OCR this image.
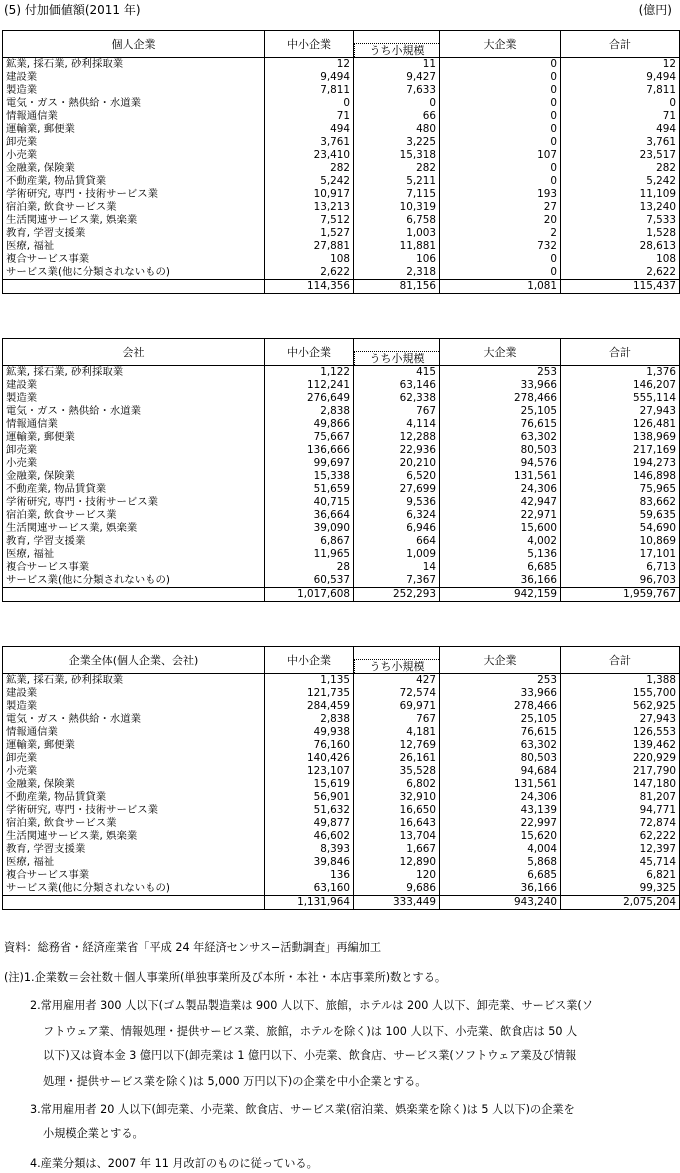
(5) 付加価値額(2011 年)	(億円)
個人企業	中小企業	うち小規模	大企業	合計
鉱業, 採石業, 砂利採取業	12	11	0	12
建設業	9,494	9,427	0	9,494
製造業	7,811	7,633	0	7,811
電気・ガス・熱供給・水道業	0	0	0	0
情報通信業	71	66	0	71
運輸業, 郵便業	494	480	0	494
卸売業	3,761	3,225	0	3,761
小売業	23,410	15,318	107	23,517
金融業, 保険業	282	282	0	282
不動産業, 物品賃貸業	5,242	5,211	0	5,242
学術研究, 専門・技術サービス業	10,917	7,115	193	11,109
宿泊業, 飲食サービス業	13,213	10,319	27	13,240
生活関連サービス業, 娯楽業	7,512	6,758	20	7,533
教育, 学習支援業	1,527	1,003	2	1,528
医療, 福祉	27,881	11,881	732	28,613
複合サービス事業	108	106	0	108
サービス業(他に分類されないもの)	2,622	2,318	0	2,622
	114,356	81,156	1,081	115,437
会社	中小企業	うち小規模	大企業	合計
鉱業, 採石業, 砂利採取業	1,122	415	253	1,376
建設業	112,241	63,146	33,966	146,207
製造業	276,649	62,338	278,466	555,114
電気・ガス・熱供給・水道業	2,838	767	25,105	27,943
情報通信業	49,866	4,114	76,615	126,481
運輸業, 郵便業	75,667	12,288	63,302	138,969
卸売業	136,666	22,936	80,503	217,169
小売業	99,697	20,210	94,576	194,273
金融業, 保険業	15,338	6,520	131,561	146,898
不動産業, 物品賃貸業	51,659	27,699	24,306	75,965
学術研究, 専門・技術サービス業	40,715	9,536	42,947	83,662
宿泊業, 飲食サービス業	36,664	6,324	22,971	59,635
生活関連サービス業, 娯楽業	39,090	6,946	15,600	54,690
教育, 学習支援業	6,867	664	4,002	10,869
医療, 福祉	11,965	1,009	5,136	17,101
複合サービス事業	28	14	6,685	6,713
サービス業(他に分類されないもの)	60,537	7,367	36,166	96,703
	1,017,608	252,293	942,159	1,959,767
企業全体(個人企業、会社)	中小企業	うち小規模	大企業	合計
鉱業, 採石業, 砂利採取業	1,135	427	253	1,388
建設業	121,735	72,574	33,966	155,700
製造業	284,459	69,971	278,466	562,925
電気・ガス・熱供給・水道業	2,838	767	25,105	27,943
情報通信業	49,938	4,181	76,615	126,553
運輸業, 郵便業	76,160	12,769	63,302	139,462
卸売業	140,426	26,161	80,503	220,929
小売業	123,107	35,528	94,684	217,790
金融業, 保険業	15,619	6,802	131,561	147,180
不動産業, 物品賃貸業	56,901	32,910	24,306	81,207
学術研究, 専門・技術サービス業	51,632	16,650	43,139	94,771
宿泊業, 飲食サービス業	49,877	16,643	22,997	72,874
生活関連サービス業, 娯楽業	46,602	13,704	15,620	62,222
教育, 学習支援業	8,393	1,667	4,004	12,397
医療, 福祉	39,846	12,890	5,868	45,714
複合サービス事業	136	120	6,685	6,821
サービス業(他に分類されないもの)	63,160	9,686	36,166	99,325
	1,131,964	333,449	943,240	2,075,204
資料：総務省・経済産業省「平成 24 年経済センサス−活動調査」再編加工
(注)1.企業数＝会社数＋個人事業所(単独事業所及び本所・本社・本店事業所)数とする。
2.常用雇用者 300 人以下(ゴム製品製造業は 900 人以下、旅館，ホテルは 200 人以下、卸売業、サービス業(ソ
フトウェア業、情報処理・提供サービス業、旅館，ホテルを除く)は 100 人以下、小売業、飲食店は 50 人
以下)又は資本金 3 億円以下(卸売業は 1 億円以下、小売業、飲食店、サービス業(ソフトウェア業及び情報
処理・提供サービス業を除く)は 5,000 万円以下)の企業を中小企業とする。
3.常用雇用者 20 人以下(卸売業、小売業、飲食店、サービス業(宿泊業、娯楽業を除く)は 5 人以下)の企業を
小規模企業とする。
4.産業分類は、2007 年 11 月改訂のものに従っている。
